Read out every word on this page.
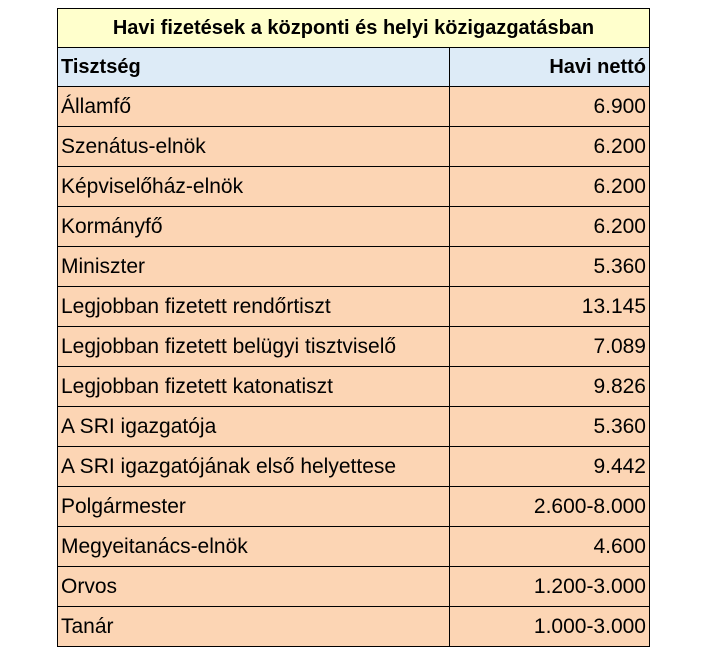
Havi fizetések a központi és helyi közigazgatásban	
Tisztség	Havi nettó
Államfő	6.900
Szenátus-elnök	6.200
Képviselőház-elnök	6.200
Kormányfő	6.200
Miniszter	5.360
Legjobban fizetett rendőrtiszt	13.145
Legjobban fizetett belügyi tisztviselő	7.089
Legjobban fizetett katonatiszt	9.826
A SRI igazgatója	5.360
A SRI igazgatójának első helyettese	9.442
Polgármester	2.600-8.000
Megyeitanács-elnök	4.600
Orvos	1.200-3.000
Tanár	1.000-3.000
